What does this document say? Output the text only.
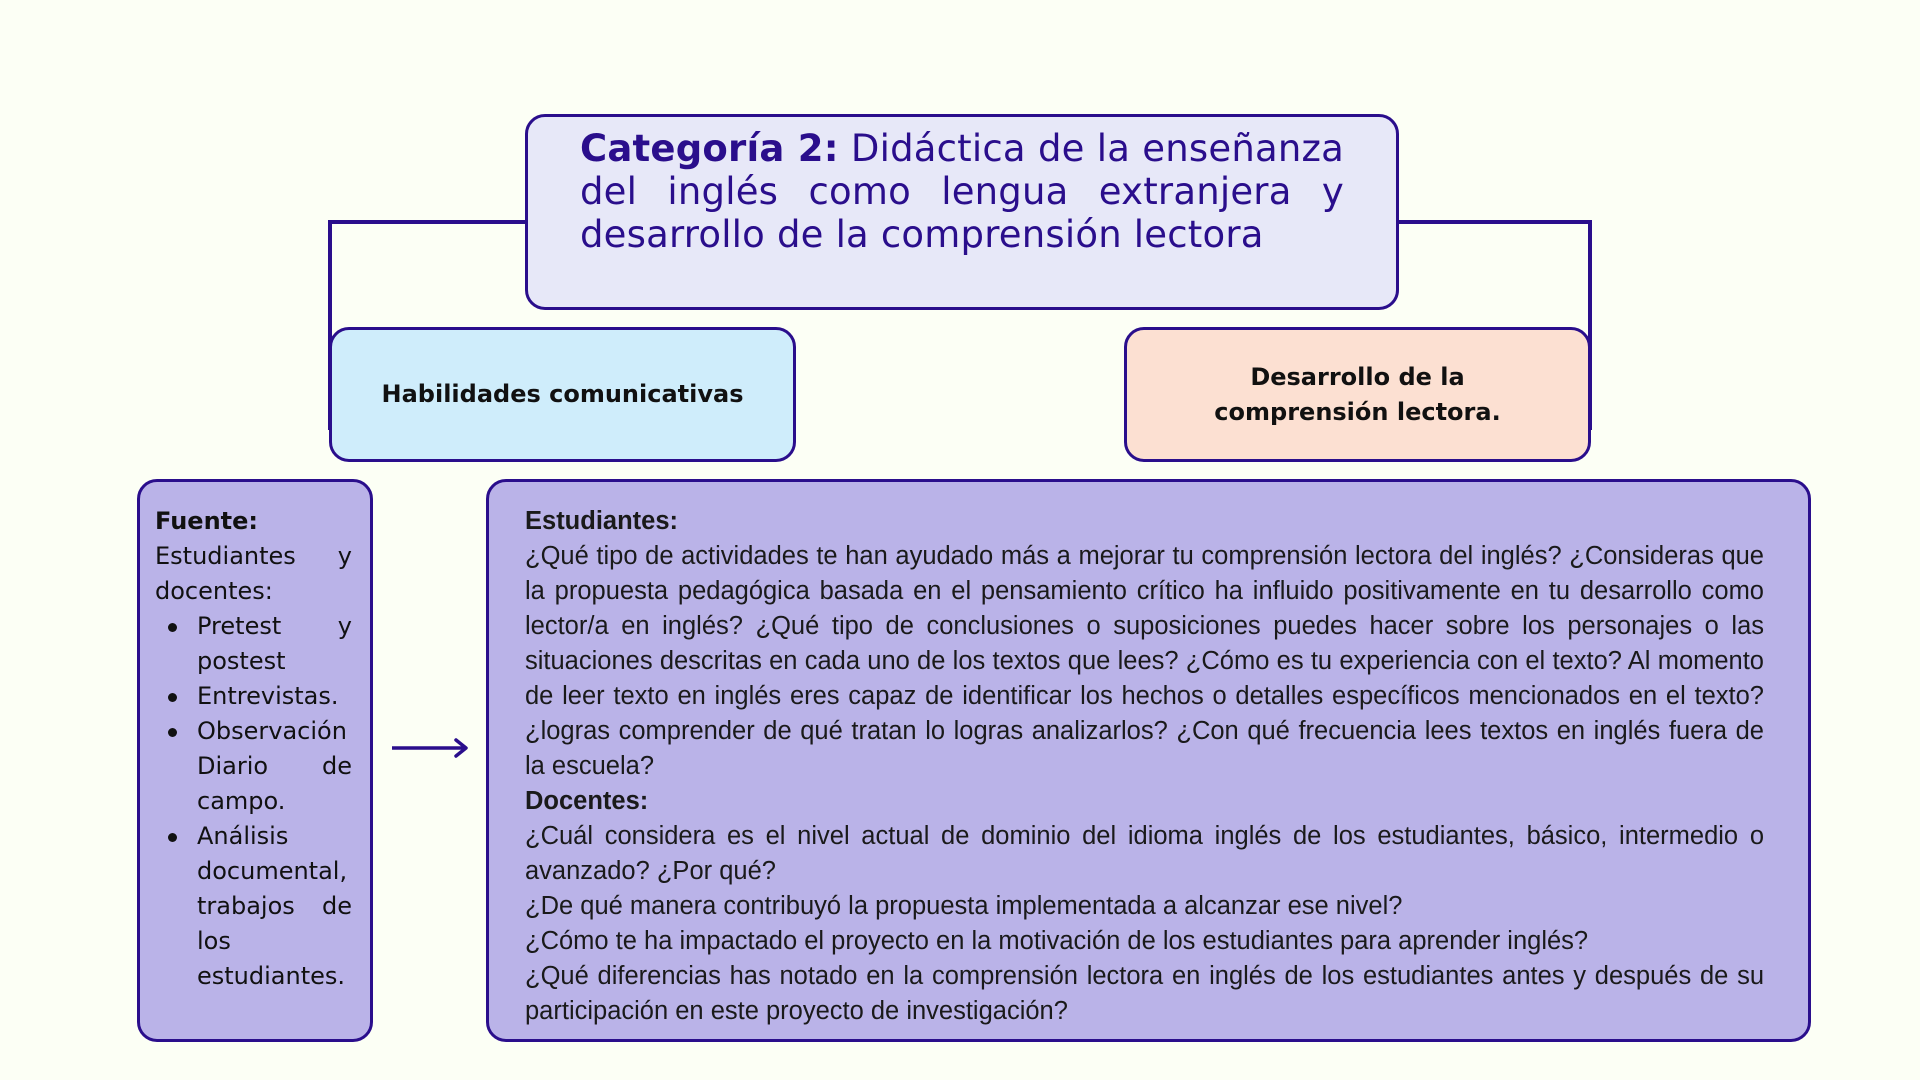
Categoría 2: Didáctica de la enseñanza del inglés como lengua extranjera y desarrollo de la comprensión lectora
Habilidades comunicativas
Desarrollo de la comprensión lectora.
Fuente:
Estudiantes y
docentes:
Pretest y
postest
Entrevistas.
Observación
Diario de
campo.
Análisis
documental,
trabajos de
los
estudiantes.
Estudiantes:
¿Qué tipo de actividades te han ayudado más a mejorar tu comprensión lectora del inglés? ¿Consideras que la propuesta pedagógica basada en el pensamiento crítico ha influido positivamente en tu desarrollo como lector/a en inglés? ¿Qué tipo de conclusiones o suposiciones puedes hacer sobre los personajes o las situaciones descritas en cada uno de los textos que lees? ¿Cómo es tu experiencia con el texto? Al momento de leer texto en inglés eres capaz de identificar los hechos o detalles específicos mencionados en el texto? ¿logras comprender de qué tratan lo logras analizarlos? ¿Con qué frecuencia lees textos en inglés fuera de la escuela?
Docentes:
¿Cuál considera es el nivel actual de dominio del idioma inglés de los estudiantes, básico, intermedio o avanzado? ¿Por qué?
¿De qué manera contribuyó la propuesta implementada a alcanzar ese nivel?
¿Cómo te ha impactado el proyecto en la motivación de los estudiantes para aprender inglés?
¿Qué diferencias has notado en la comprensión lectora en inglés de los estudiantes antes y después de su participación en este proyecto de investigación?
